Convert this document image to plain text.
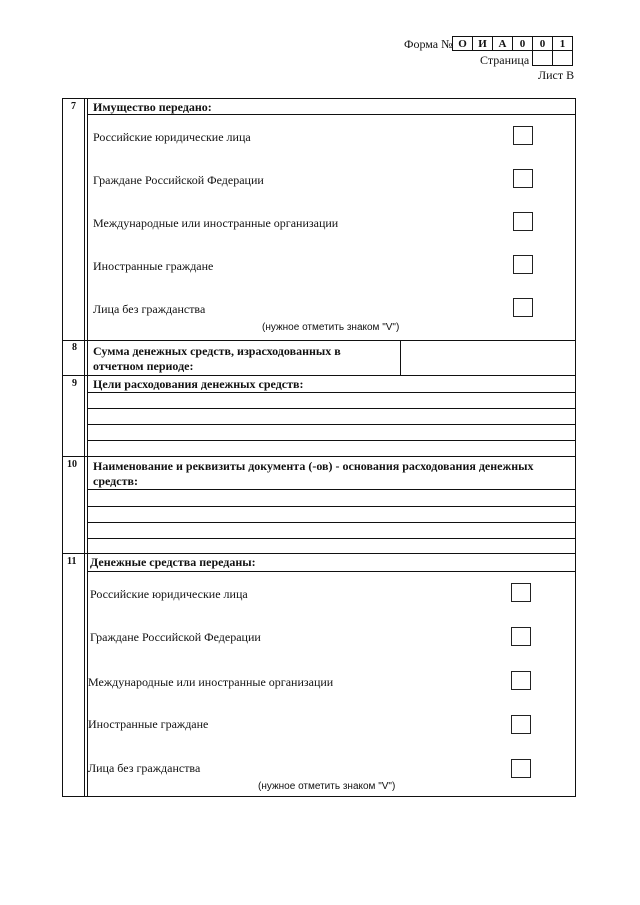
Форма № О	И	А	0	0	1
Страница
Лист В
7 Имущество передано:
Российские юридические лица
Граждане Российской Федерации
Международные или иностранные организации
Иностранные граждане
Лица без гражданства
(нужное отметить знаком "V")
8 Сумма денежных средств, израсходованных в
отчетном периоде:
9 Цели расходования денежных средств:
10 Наименование и реквизиты документа (-ов) - основания расходования денежных
средств:
11 Денежные средства переданы:
Российские юридические лица
Граждане Российской Федерации
Международные или иностранные организации
Иностранные граждане
Лица без гражданства
(нужное отметить знаком "V")
